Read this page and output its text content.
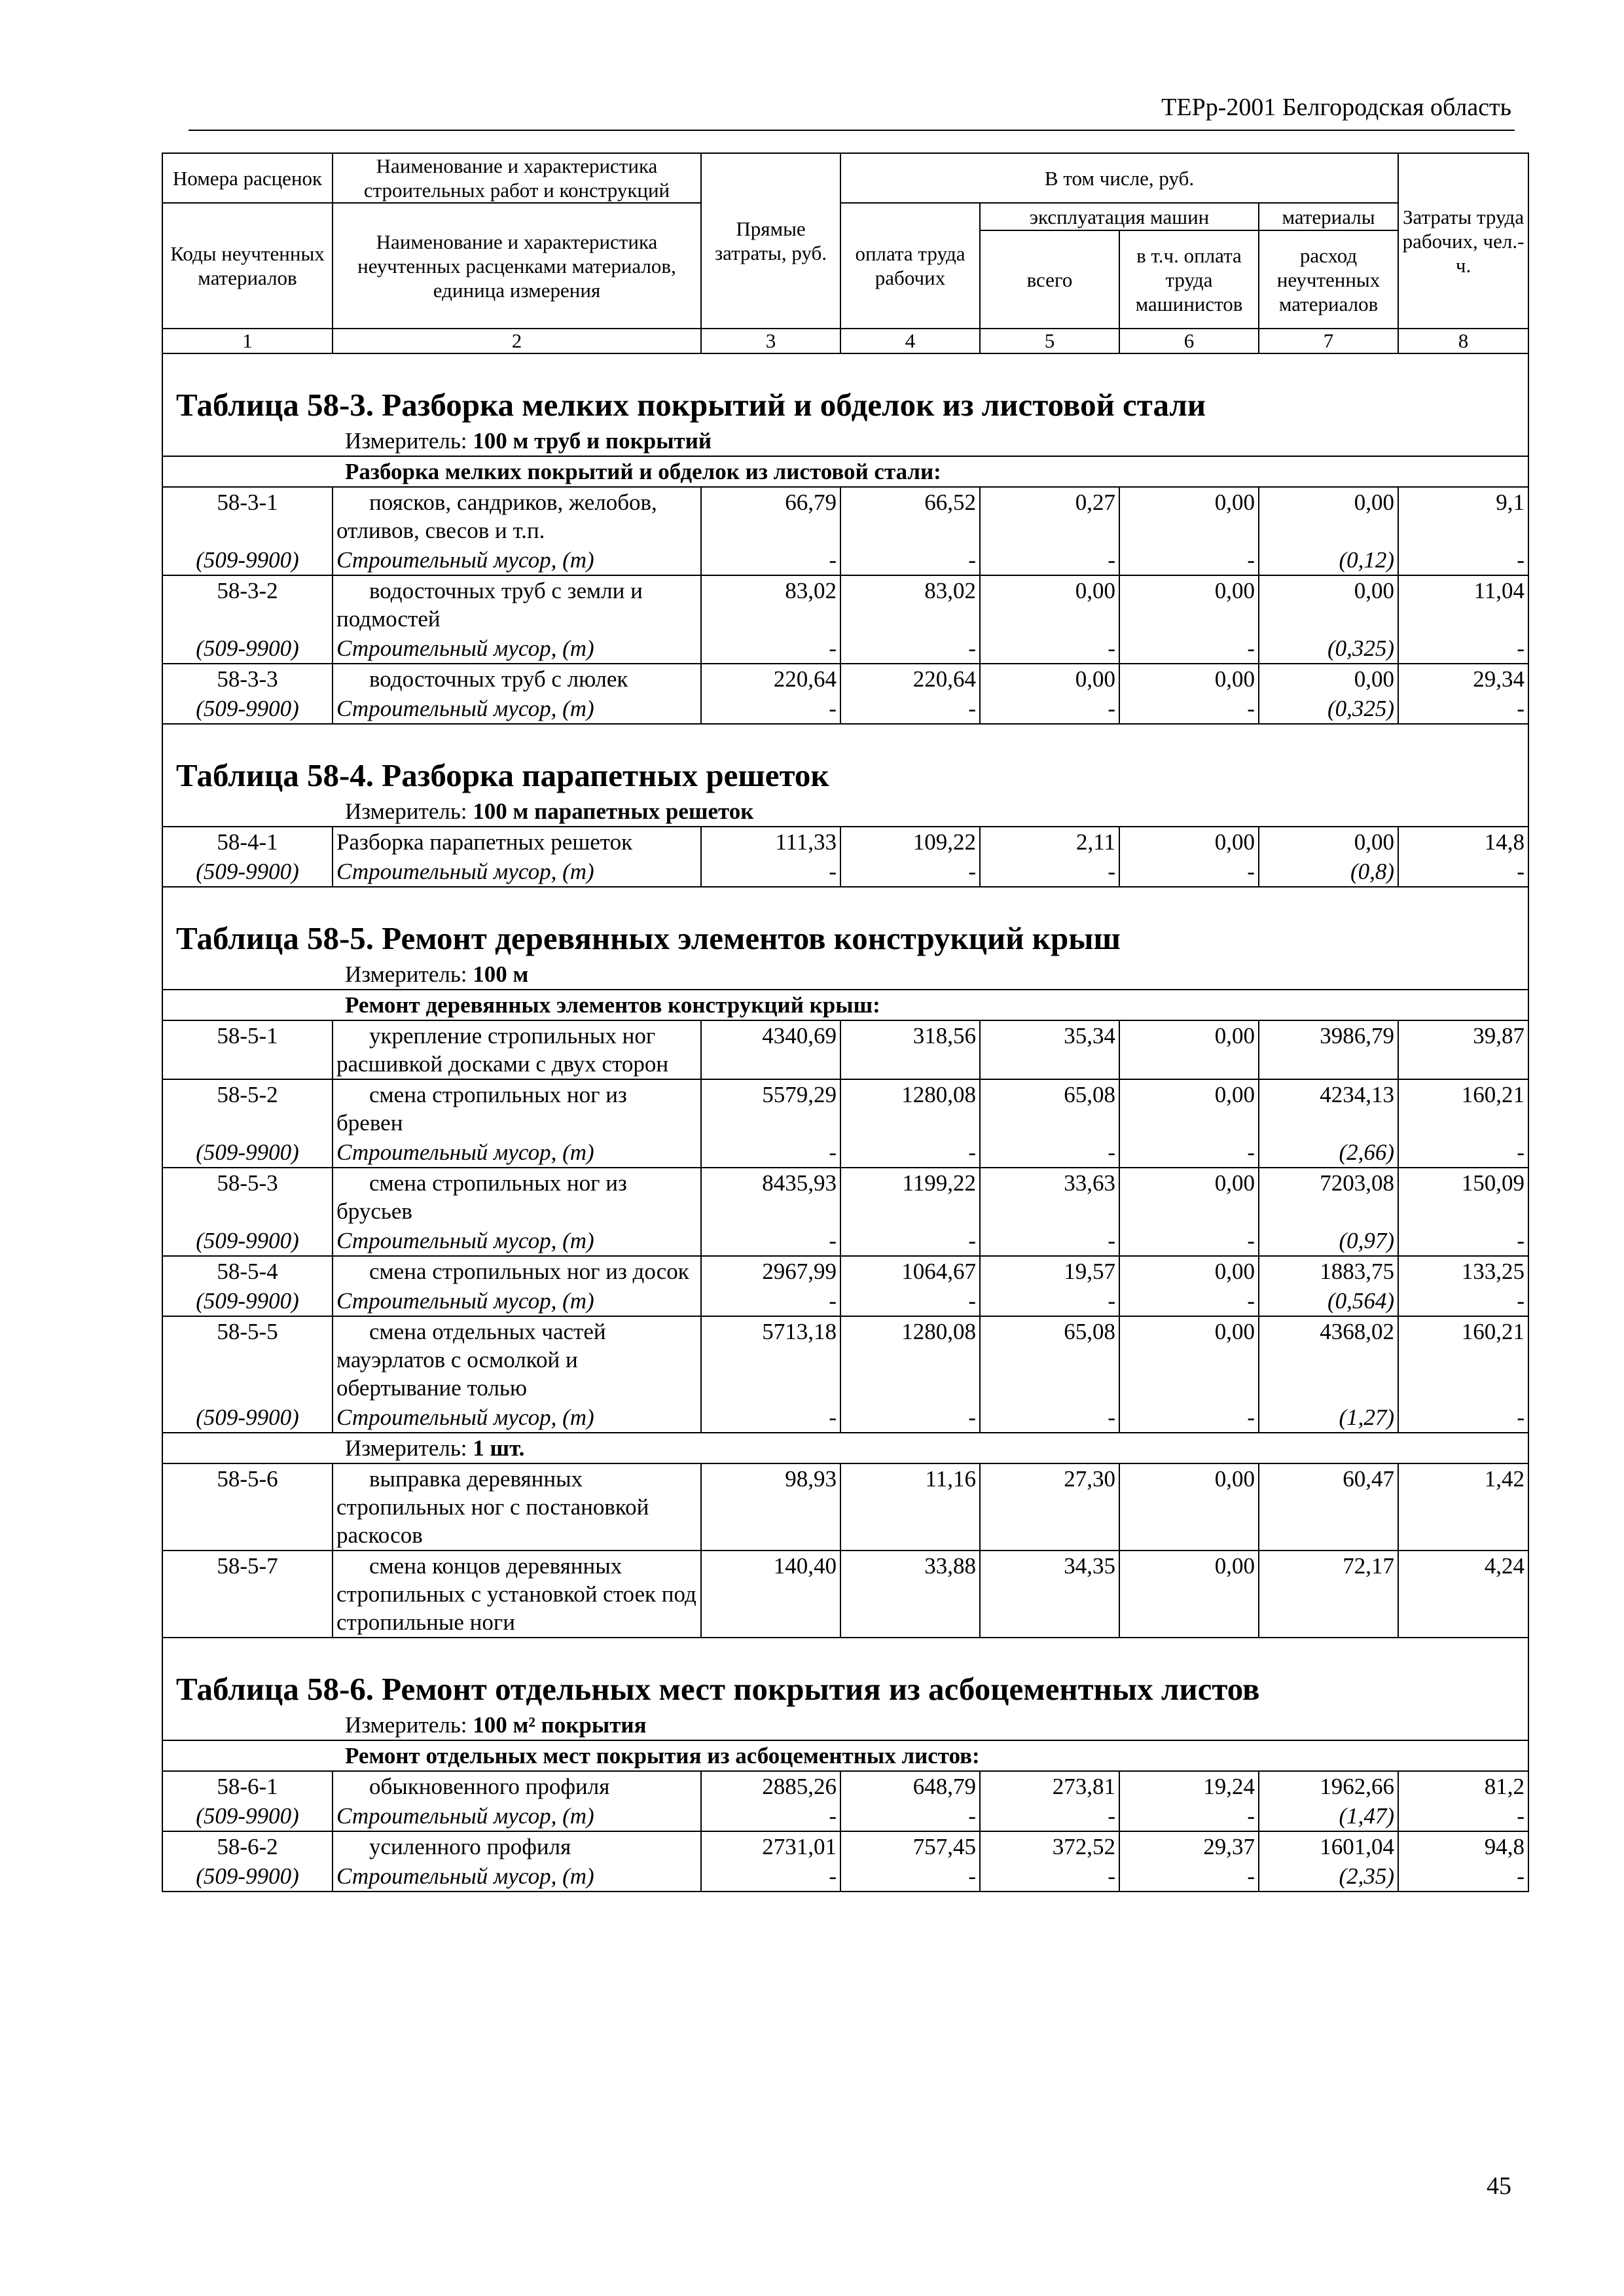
ТЕРр-2001 Белгородская область
Номера расценок	Наименование и характеристика строительных работ и конструкций	Прямые затраты, руб.	В том числе, руб.				Затраты труда рабочих, чел.-ч.
Коды неучтенных материалов	Наименование и характеристика неучтенных расценками материалов, единица измерения		оплата труда рабочих	эксплуатация машин		материалы	
				всего	в т.ч. оплата труда машинистов	расход неучтенных материалов	
1	2	3	4	5	6	7	8

Таблица 58-3. Разборка мелких покрытий и обделок из листовой стали							
Измеритель: 100 м труб и покрытий							
Разборка мелких покрытий и обделок из листовой стали:							
58-3-1	поясков, сандриков, желобов, отливов, свесов и т.п.	66,79	66,52	0,27	0,00	0,00	9,1
(509-9900)	Строительный мусор, (т)	-	-	-	-	(0,12)	-
58-3-2	водосточных труб с земли и подмостей	83,02	83,02	0,00	0,00	0,00	11,04
(509-9900)	Строительный мусор, (т)	-	-	-	-	(0,325)	-
58-3-3	водосточных труб с люлек	220,64	220,64	0,00	0,00	0,00	29,34
(509-9900)	Строительный мусор, (т)	-	-	-	-	(0,325)	-

Таблица 58-4. Разборка парапетных решеток							
Измеритель: 100 м парапетных решеток							
58-4-1	Разборка парапетных решеток	111,33	109,22	2,11	0,00	0,00	14,8
(509-9900)	Строительный мусор, (т)	-	-	-	-	(0,8)	-

Таблица 58-5. Ремонт деревянных элементов конструкций крыш							
Измеритель: 100 м							
Ремонт деревянных элементов конструкций крыш:							
58-5-1	укрепление стропильных ног расшивкой досками с двух сторон	4340,69	318,56	35,34	0,00	3986,79	39,87
58-5-2	смена стропильных ног из бревен	5579,29	1280,08	65,08	0,00	4234,13	160,21
(509-9900)	Строительный мусор, (т)	-	-	-	-	(2,66)	-
58-5-3	смена стропильных ног из брусьев	8435,93	1199,22	33,63	0,00	7203,08	150,09
(509-9900)	Строительный мусор, (т)	-	-	-	-	(0,97)	-
58-5-4	смена стропильных ног из досок	2967,99	1064,67	19,57	0,00	1883,75	133,25
(509-9900)	Строительный мусор, (т)	-	-	-	-	(0,564)	-
58-5-5	смена отдельных частей мауэрлатов с осмолкой и обертывание толью	5713,18	1280,08	65,08	0,00	4368,02	160,21
(509-9900)	Строительный мусор, (т)	-	-	-	-	(1,27)	-
Измеритель: 1 шт.							
58-5-6	выправка деревянных стропильных ног с постановкой раскосов	98,93	11,16	27,30	0,00	60,47	1,42
58-5-7	смена концов деревянных стропильных с установкой стоек под стропильные ноги	140,40	33,88	34,35	0,00	72,17	4,24

Таблица 58-6. Ремонт отдельных мест покрытия из асбоцементных листов							
Измеритель: 100 м² покрытия							
Ремонт отдельных мест покрытия из асбоцементных листов:							
58-6-1	обыкновенного профиля	2885,26	648,79	273,81	19,24	1962,66	81,2
(509-9900)	Строительный мусор, (т)	-	-	-	-	(1,47)	-
58-6-2	усиленного профиля	2731,01	757,45	372,52	29,37	1601,04	94,8
(509-9900)	Строительный мусор, (т)	-	-	-	-	(2,35)	-
45
